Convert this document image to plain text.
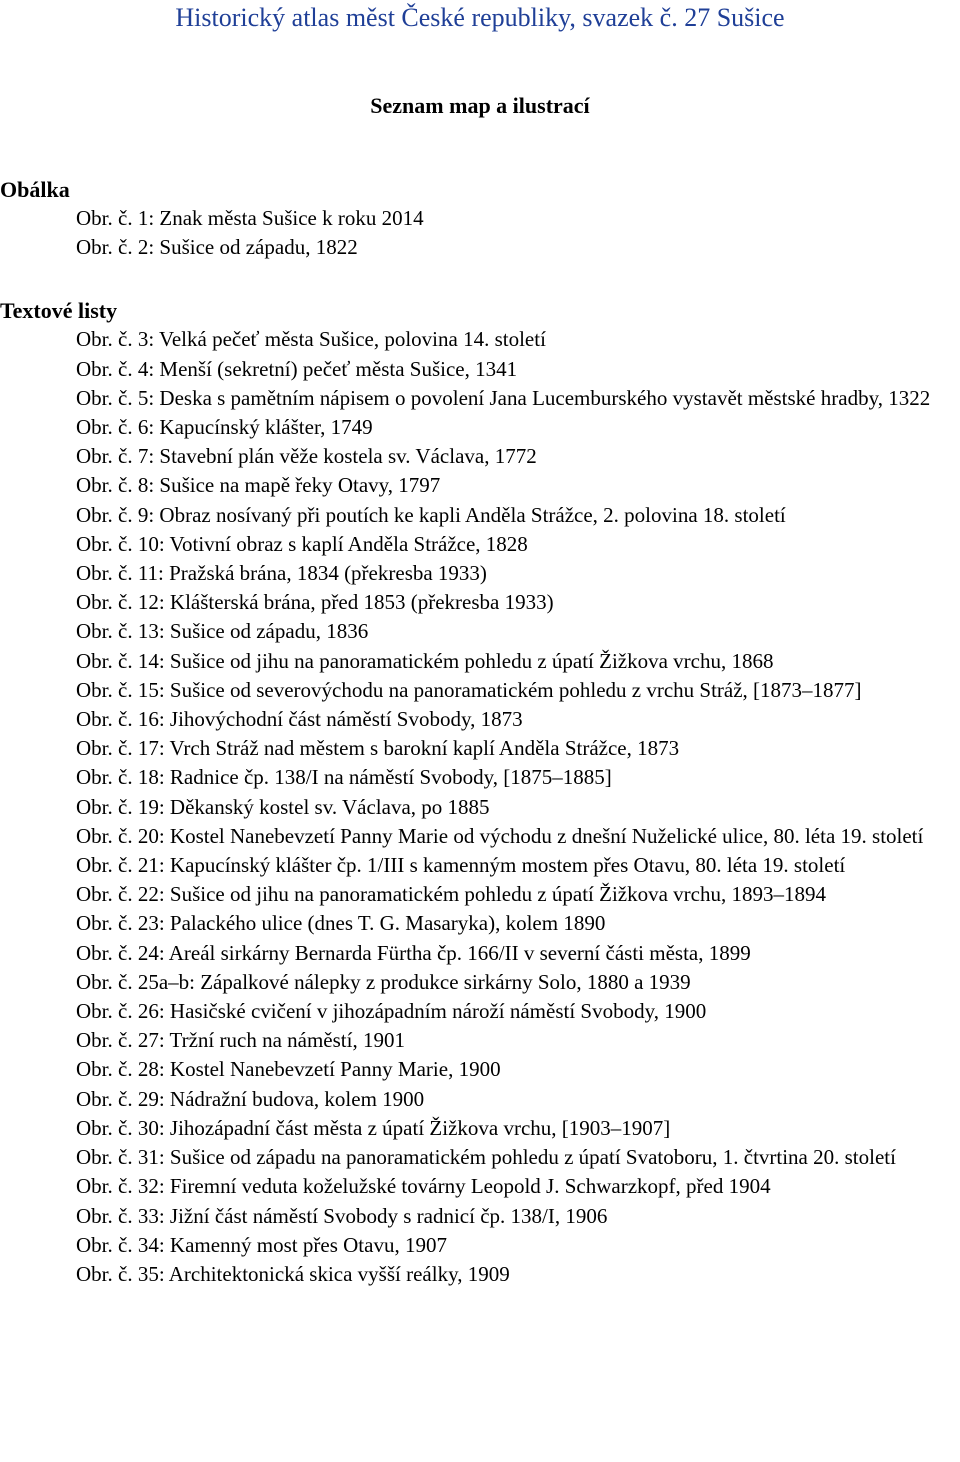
Historický atlas měst České republiky, svazek č. 27 Sušice
Seznam map a ilustrací
Obálka

Obr. č. 1: Znak města Sušice k roku 2014

Obr. č. 2: Sušice od západu, 1822

Textové listy

Obr. č. 3: Velká pečeť města Sušice, polovina 14. století

Obr. č. 4: Menší (sekretní) pečeť města Sušice, 1341

Obr. č. 5: Deska s pamětním nápisem o povolení Jana Lucemburského vystavět městské hradby, 1322

Obr. č. 6: Kapucínský klášter, 1749

Obr. č. 7: Stavební plán věže kostela sv. Václava, 1772

Obr. č. 8: Sušice na mapě řeky Otavy, 1797

Obr. č. 9: Obraz nosívaný při poutích ke kapli Anděla Strážce, 2. polovina 18. století

Obr. č. 10: Votivní obraz s kaplí Anděla Strážce, 1828

Obr. č. 11: Pražská brána, 1834 (překresba 1933)

Obr. č. 12: Klášterská brána, před 1853 (překresba 1933)

Obr. č. 13: Sušice od západu, 1836

Obr. č. 14: Sušice od jihu na panoramatickém pohledu z úpatí Žižkova vrchu, 1868

Obr. č. 15: Sušice od severovýchodu na panoramatickém pohledu z vrchu Stráž, [1873–1877]

Obr. č. 16: Jihovýchodní část náměstí Svobody, 1873

Obr. č. 17: Vrch Stráž nad městem s barokní kaplí Anděla Strážce, 1873

Obr. č. 18: Radnice čp. 138/I na náměstí Svobody, [1875–1885]

Obr. č. 19: Děkanský kostel sv. Václava, po 1885

Obr. č. 20: Kostel Nanebevzetí Panny Marie od východu z dnešní Nuželické ulice, 80. léta 19. století

Obr. č. 21: Kapucínský klášter čp. 1/III s kamenným mostem přes Otavu, 80. léta 19. století

Obr. č. 22: Sušice od jihu na panoramatickém pohledu z úpatí Žižkova vrchu, 1893–1894

Obr. č. 23: Palackého ulice (dnes T. G. Masaryka), kolem 1890

Obr. č. 24: Areál sirkárny Bernarda Fürtha čp. 166/II v severní části města, 1899

Obr. č. 25a–b: Zápalkové nálepky z produkce sirkárny Solo, 1880 a 1939

Obr. č. 26: Hasičské cvičení v jihozápadním nároží náměstí Svobody, 1900

Obr. č. 27: Tržní ruch na náměstí, 1901

Obr. č. 28: Kostel Nanebevzetí Panny Marie, 1900

Obr. č. 29: Nádražní budova, kolem 1900

Obr. č. 30: Jihozápadní část města z úpatí Žižkova vrchu, [1903–1907]

Obr. č. 31: Sušice od západu na panoramatickém pohledu z úpatí Svatoboru, 1. čtvrtina 20. století

Obr. č. 32: Firemní veduta koželužské továrny Leopold J. Schwarzkopf, před 1904

Obr. č. 33: Jižní část náměstí Svobody s radnicí čp. 138/I, 1906

Obr. č. 34: Kamenný most přes Otavu, 1907

Obr. č. 35: Architektonická skica vyšší reálky, 1909
